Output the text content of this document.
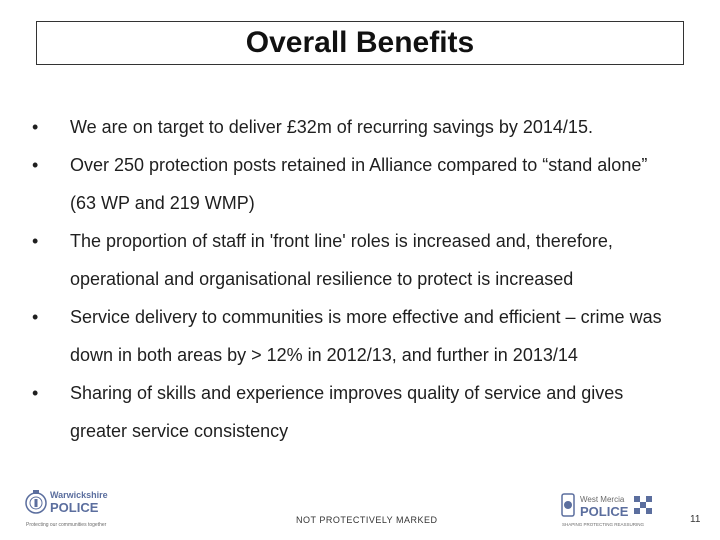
Overall Benefits
•	We are on target to deliver £32m of recurring savings by 2014/15.
•	Over 250 protection posts retained in Alliance compared to “stand alone”
(63 WP and 219 WMP)
•	The proportion of staff in 'front line' roles is increased and, therefore,
operational and organisational resilience to protect is increased
•	Service delivery to communities is more effective and efficient – crime was
down in both areas by > 12% in 2012/13, and further in 2013/14
•	Sharing of skills and experience improves quality of service and gives
greater service consistency
Warwickshire
POLICE
Protecting our communities together	NOT PROTECTIVELY MARKED
West Mercia
POLICE
SHAPING PROTECTING REASSURING	11
